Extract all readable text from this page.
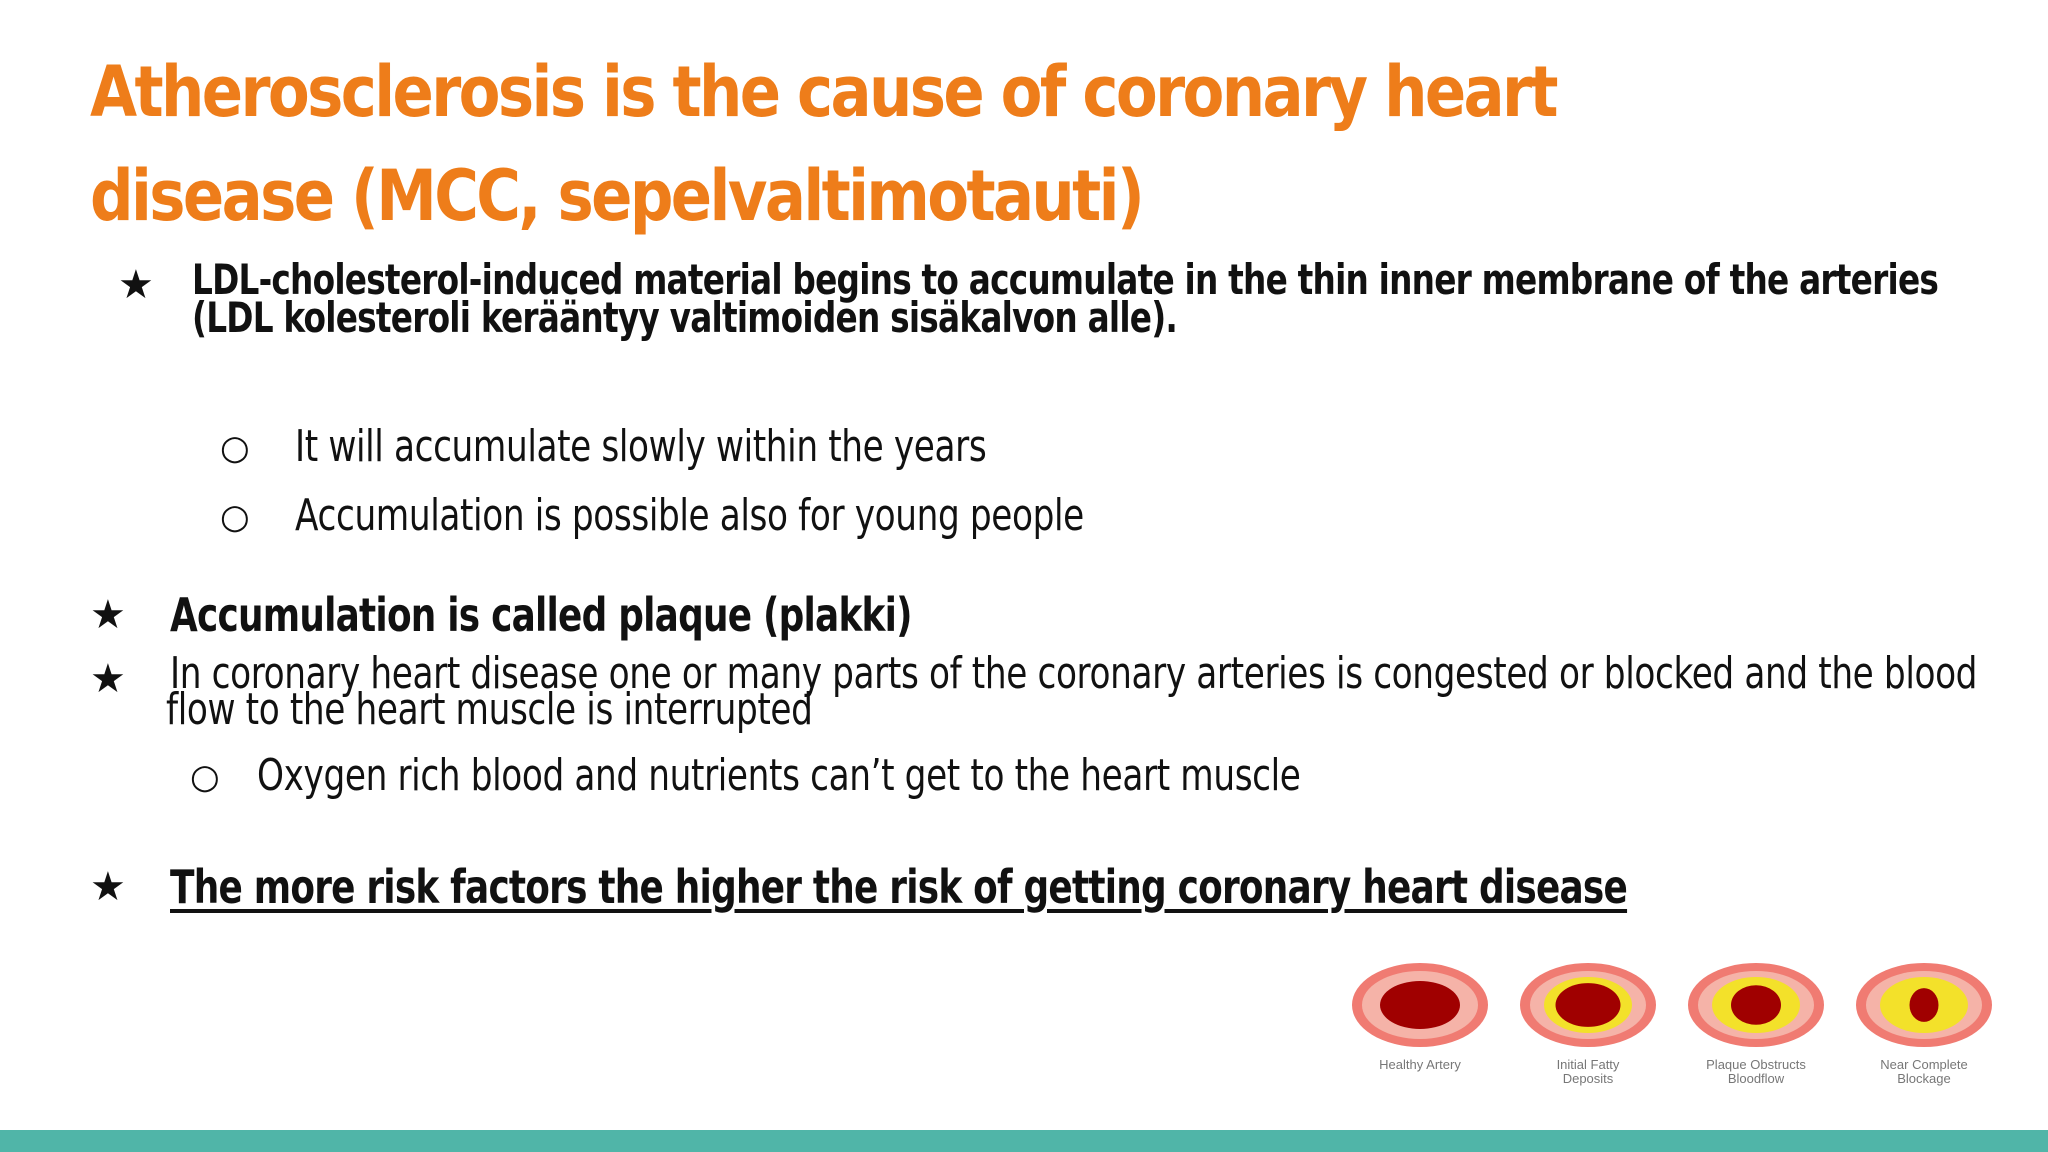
Atherosclerosis is the cause of coronary heart disease (MCC, sepelvaltimotauti)
★ LDL-cholesterol-induced material begins to accumulate in the thin inner membrane of the arteries
(LDL kolesteroli kerääntyy valtimoiden sisäkalvon alle).
○ It will accumulate slowly within the years
○ Accumulation is possible also for young people
★ Accumulation is called plaque (plakki)
★ In coronary heart disease one or many parts of the coronary arteries is congested or blocked and the blood
flow to the heart muscle is interrupted
○ Oxygen rich blood and nutrients can’t get to the heart muscle
★ The more risk factors the higher the risk of getting coronary heart disease
Healthy Artery	Initial Fatty
Deposits
Plaque Obstructs
Bloodflow
Near Complete
Blockage
